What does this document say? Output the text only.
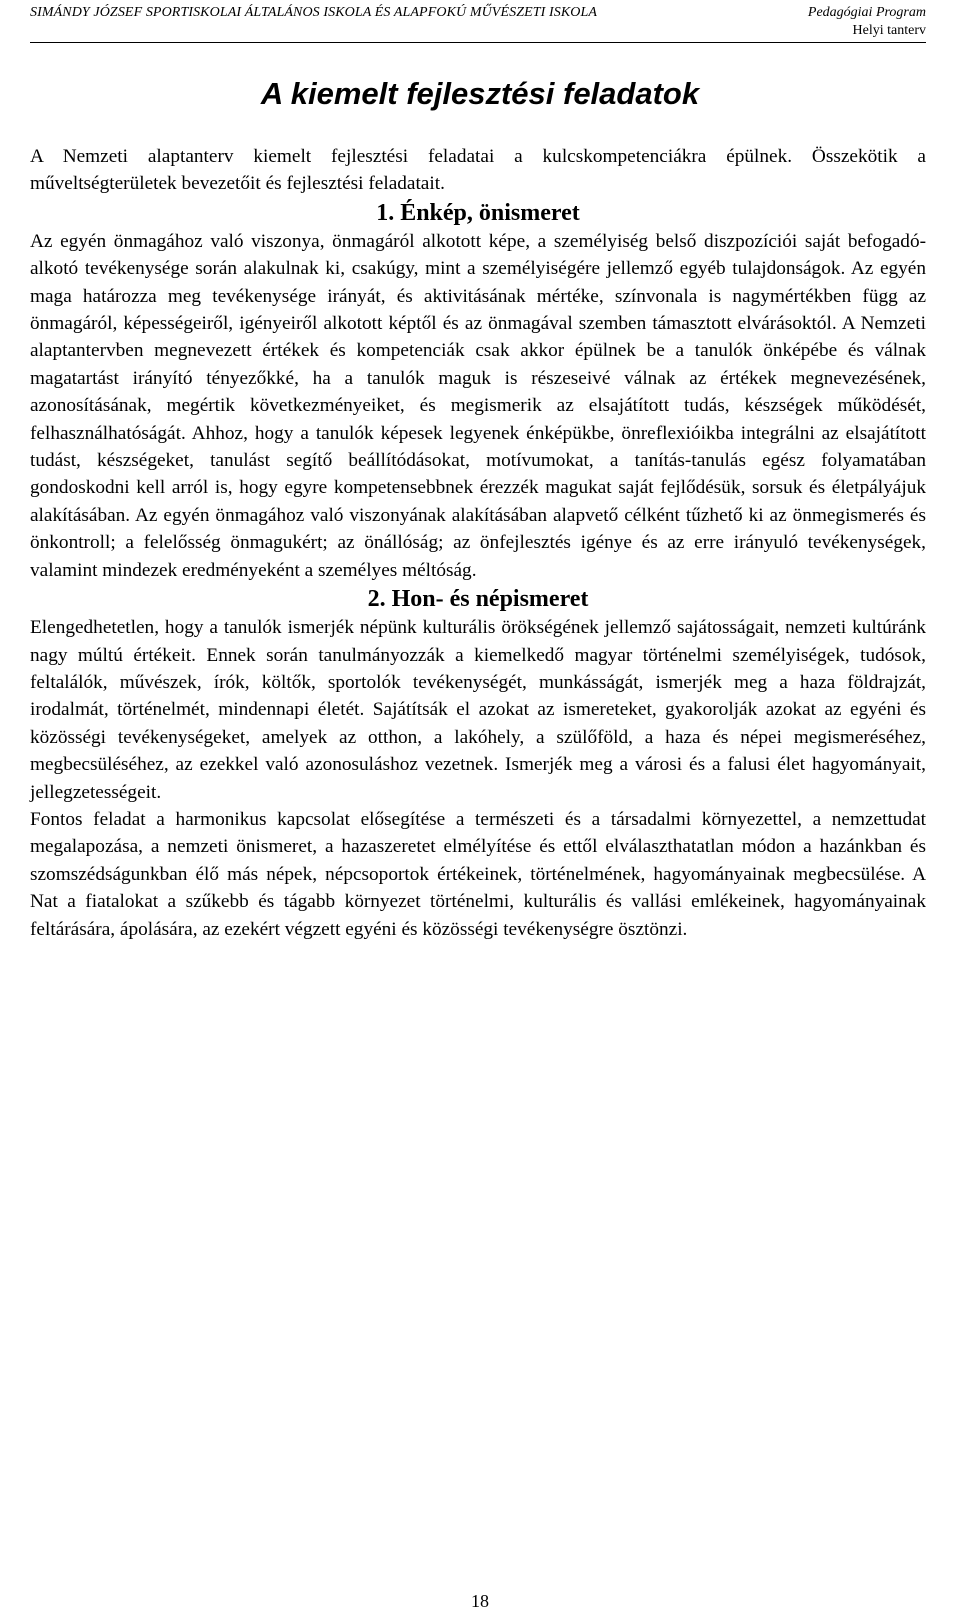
SIMÁNDY JÓZSEF SPORTISKOLAI ÁLTALÁNOS ISKOLA ÉS ALAPFOKÚ MŰVÉSZETI ISKOLA	Pedagógiai Program
Helyi tanterv
A kiemelt fejlesztési feladatok

A Nemzeti alaptanterv kiemelt fejlesztési feladatai a kulcskompetenciákra épülnek. Összekötik a műveltségterületek bevezetőit és fejlesztési feladatait.

1. Énkép, önismeret

Az egyén önmagához való viszonya, önmagáról alkotott képe, a személyiség belső diszpozíciói saját befogadó-alkotó tevékenysége során alakulnak ki, csakúgy, mint a személyiségére jellemző egyéb tulajdonságok. Az egyén maga határozza meg tevékenysége irányát, és aktivitásának mértéke, színvonala is nagymértékben függ az önmagáról, képességeiről, igényeiről alkotott képtől és az önmagával szemben támasztott elvárásoktól. A Nemzeti alaptantervben megnevezett értékek és kompetenciák csak akkor épülnek be a tanulók önképébe és válnak magatartást irányító tényezőkké, ha a tanulók maguk is részeseivé válnak az értékek megnevezésének, azonosításának, megértik következményeiket, és megismerik az elsajátított tudás, készségek működését, felhasználhatóságát. Ahhoz, hogy a tanulók képesek legyenek énképükbe, önreflexióikba integrálni az elsajátított tudást, készségeket, tanulást segítő beállítódásokat, motívumokat, a tanítás-tanulás egész folyamatában gondoskodni kell arról is, hogy egyre kompetensebbnek érezzék magukat saját fejlődésük, sorsuk és életpályájuk alakításában. Az egyén önmagához való viszonyának alakításában alapvető célként tűzhető ki az önmegismerés és önkontroll; a felelősség önmagukért; az önállóság; az önfejlesztés igénye és az erre irányuló tevékenységek, valamint mindezek eredményeként a személyes méltóság.

2. Hon- és népismeret

Elengedhetetlen, hogy a tanulók ismerjék népünk kulturális örökségének jellemző sajátosságait, nemzeti kultúránk nagy múltú értékeit. Ennek során tanulmányozzák a kiemelkedő magyar történelmi személyiségek, tudósok, feltalálók, művészek, írók, költők, sportolók tevékenységét, munkásságát, ismerjék meg a haza földrajzát, irodalmát, történelmét, mindennapi életét. Sajátítsák el azokat az ismereteket, gyakorolják azokat az egyéni és közösségi tevékenységeket, amelyek az otthon, a lakóhely, a szülőföld, a haza és népei megismeréséhez, megbecsüléséhez, az ezekkel való azonosuláshoz vezetnek. Ismerjék meg a városi és a falusi élet hagyományait, jellegzetességeit.

Fontos feladat a harmonikus kapcsolat elősegítése a természeti és a társadalmi környezettel, a nemzettudat megalapozása, a nemzeti önismeret, a hazaszeretet elmélyítése és ettől elválaszthatatlan módon a hazánkban és szomszédságunkban élő más népek, népcsoportok értékeinek, történelmének, hagyományainak megbecsülése. A Nat a fiatalokat a szűkebb és tágabb környezet történelmi, kulturális és vallási emlékeinek, hagyományainak feltárására, ápolására, az ezekért végzett egyéni és közösségi tevékenységre ösztönzi.

18
